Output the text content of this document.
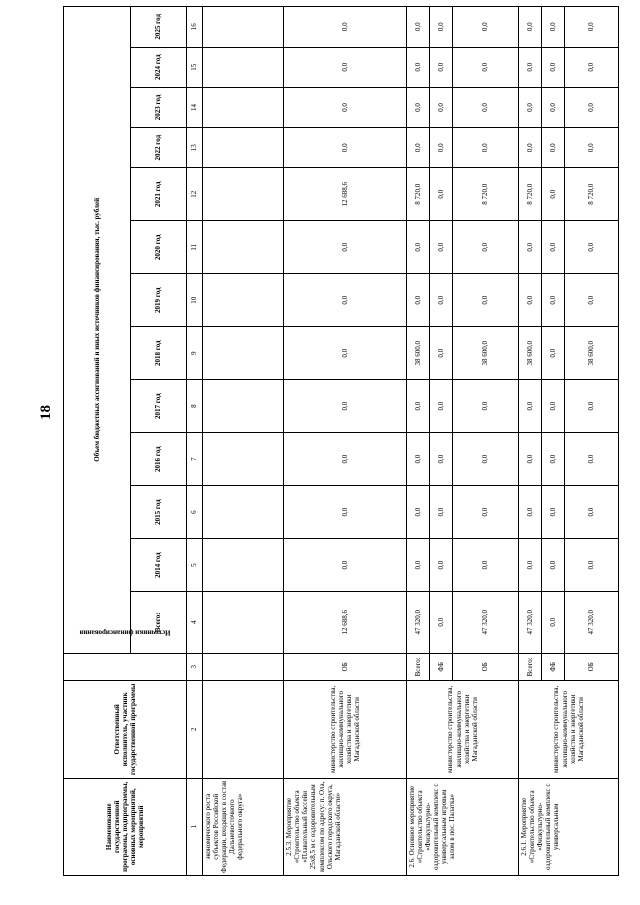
18
Наименование государственной программы, подпрограммы, основных мероприятий, мероприятий	Ответственный исполнитель, участник государственной программы	Источники финансирования	Объем бюджетных ассигнований и иных источников финансирования, тыс. рублей												
			Всего:	2014 год	2015 год	2016 год	2017 год	2018 год	2019 год	2020 год	2021 год	2022 год	2023 год	2024 год	2025 год
1	2	3	4	5	6	7	8	9	10	11	12	13	14	15	16
экономического роста субъектов Российской Федерации, входящих в состав Дальневосточного федерального округа»															
2.5.3. Мероприятие «Строительство объекта «Плавательный бассейн 25х8,5 м с оздоровительным комплексом по адресу: п. Ола, Ольского городского округа, Магаданской области»	министерство строительства, жилищно-коммунального хозяйства и энергетики Магаданской области	ОБ	12 688,6	0,0	0,0	0,0	0,0	0,0	0,0	0,0	12 688,6	0,0	0,0	0,0	0,0
2.6. Основное мероприятие «Строительство объекта «Физкультурно-оздоровительный комплекс с универсальным игровым залом в пос. Палатка»	министерство строительства, жилищно-коммунального хозяйства и энергетики Магаданской области	Всего:	47 320,0	0,0	0,0	0,0	0,0	38 600,0	0,0	0,0	8 720,0	0,0	0,0	0,0	0,0
		ФБ	0,0	0,0	0,0	0,0	0,0	0,0	0,0	0,0	0,0	0,0	0,0	0,0	0,0
		ОБ	47 320,0	0,0	0,0	0,0	0,0	38 600,0	0,0	0,0	8 720,0	0,0	0,0	0,0	0,0
2.6.1. Мероприятие «Строительство объекта «Физкультурно-оздоровительный комплекс с универсальным	министерство строительства, жилищно-коммунального хозяйства и энергетики Магаданской области	Всего:	47 320,0	0,0	0,0	0,0	0,0	38 600,0	0,0	0,0	8 720,0	0,0	0,0	0,0	0,0
		ФБ	0,0	0,0	0,0	0,0	0,0	0,0	0,0	0,0	0,0	0,0	0,0	0,0	0,0
		ОБ	47 320,0	0,0	0,0	0,0	0,0	38 600,0	0,0	0,0	8 720,0	0,0	0,0	0,0	0,0
